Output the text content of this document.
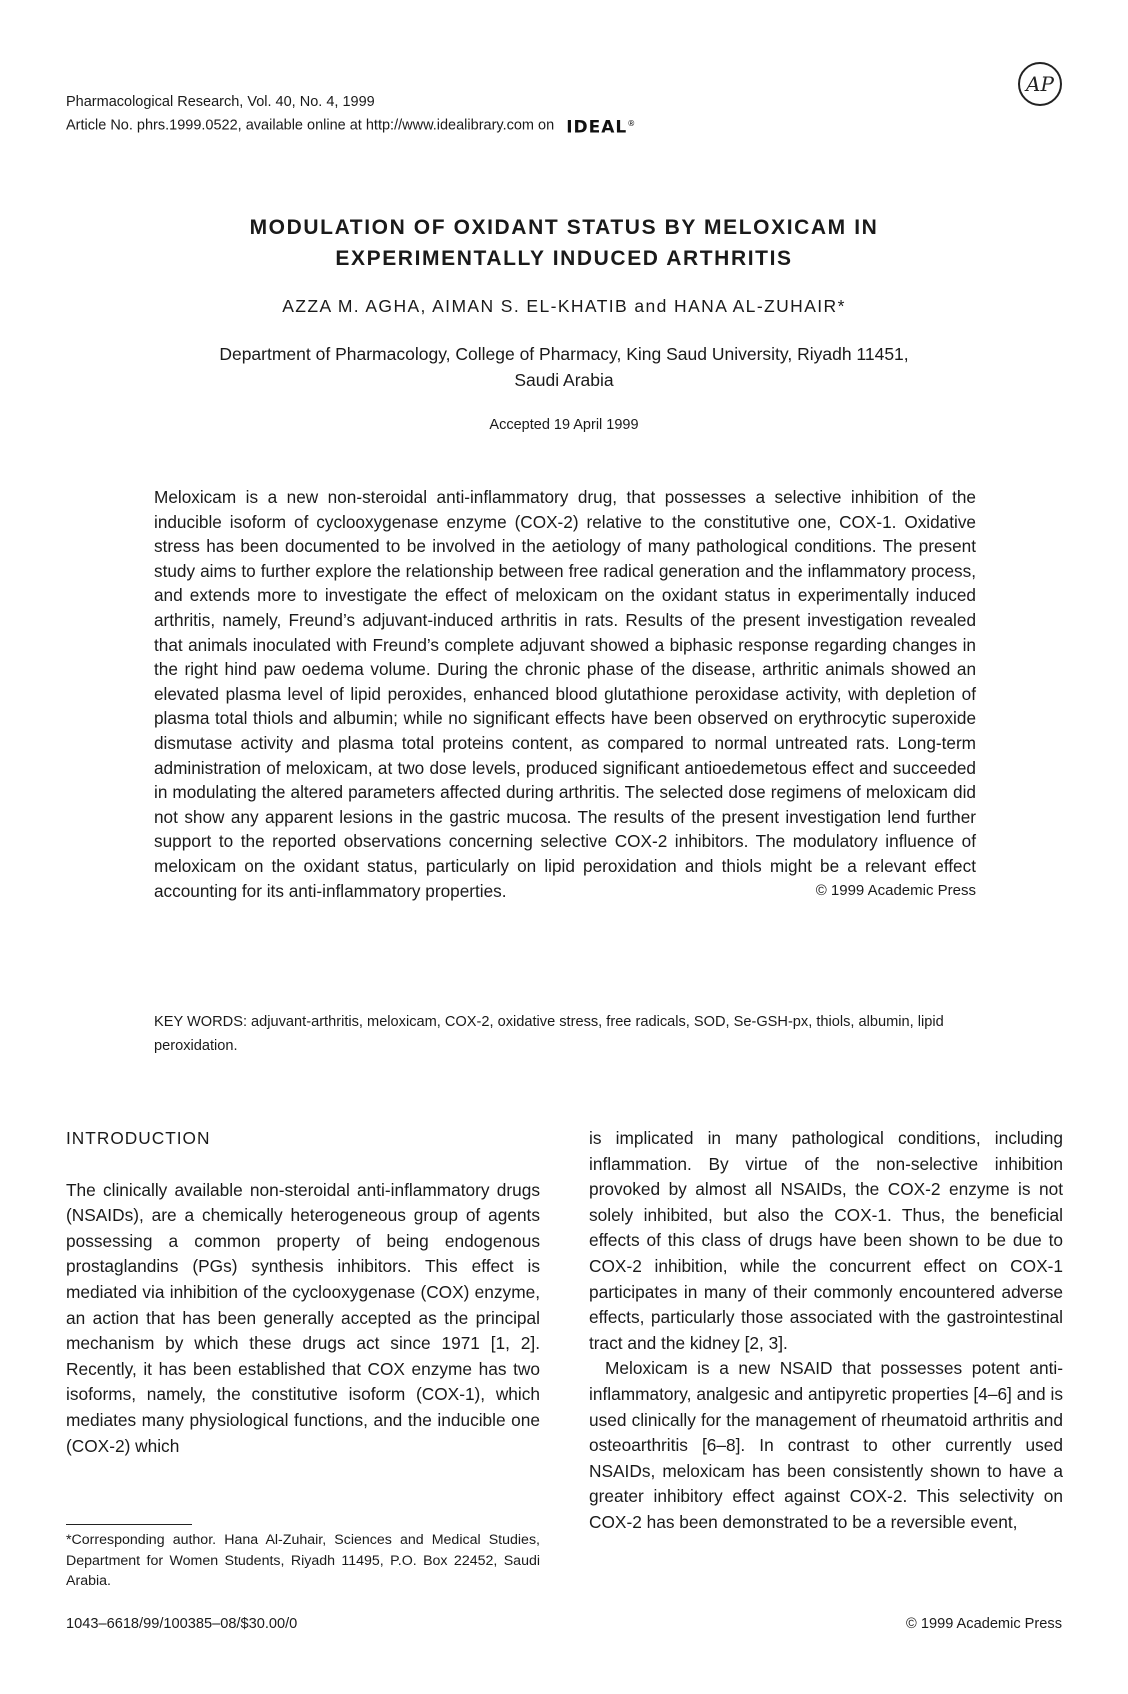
Pharmacological Research, Vol. 40, No. 4, 1999
Article No. phrs.1999.0522, available online at http://www.idealibrary.com on IDEAL®
AP
MODULATION OF OXIDANT STATUS BY MELOXICAM IN
EXPERIMENTALLY INDUCED ARTHRITIS
AZZA M. AGHA, AIMAN S. EL-KHATIB and HANA AL-ZUHAIR*
Department of Pharmacology, College of Pharmacy, King Saud University, Riyadh 11451,
Saudi Arabia
Accepted 19 April 1999
Meloxicam is a new non-steroidal anti-inflammatory drug, that possesses a selective inhibition of the inducible isoform of cyclooxygenase enzyme (COX-2) relative to the constitutive one, COX-1. Oxidative stress has been documented to be involved in the aetiology of many pathological conditions. The present study aims to further explore the relationship between free radical generation and the inflammatory process, and extends more to investigate the effect of meloxicam on the oxidant status in experimentally induced arthritis, namely, Freund’s adjuvant-induced arthritis in rats. Results of the present investigation revealed that animals inoculated with Freund’s complete adjuvant showed a biphasic response regarding changes in the right hind paw oedema volume. During the chronic phase of the disease, arthritic animals showed an elevated plasma level of lipid peroxides, enhanced blood glutathione peroxidase activity, with depletion of plasma total thiols and albumin; while no significant effects have been observed on erythrocytic superoxide dismutase activity and plasma total proteins content, as compared to normal untreated rats. Long-term administration of meloxicam, at two dose levels, produced significant antioedemetous effect and succeeded in modulating the altered parameters affected during arthritis. The selected dose regimens of meloxicam did not show any apparent lesions in the gastric mucosa. The results of the present investigation lend further support to the reported observations concerning selective COX-2 inhibitors. The modulatory influence of meloxicam on the oxidant status, particularly on lipid peroxidation and thiols might be a relevant effect accounting for its anti-inflammatory properties.	© 1999 Academic Press
KEY WORDS: adjuvant-arthritis, meloxicam, COX-2, oxidative stress, free radicals, SOD, Se-GSH-px, thiols, albumin, lipid peroxidation.
INTRODUCTION

The clinically available non-steroidal anti-inflammatory drugs (NSAIDs), are a chemically heterogeneous group of agents possessing a common property of being endogenous prostaglandins (PGs) synthesis inhibitors. This effect is mediated via inhibition of the cyclooxygenase (COX) enzyme, an action that has been generally accepted as the principal mechanism by which these drugs act since 1971 [1, 2]. Recently, it has been established that COX enzyme has two isoforms, namely, the constitutive isoform (COX-1), which mediates many physiological functions, and the inducible one (COX-2) which

is implicated in many pathological conditions, including inflammation. By virtue of the non-selective inhibition provoked by almost all NSAIDs, the COX-2 enzyme is not solely inhibited, but also the COX-1. Thus, the beneficial effects of this class of drugs have been shown to be due to COX-2 inhibition, while the concurrent effect on COX-1 participates in many of their commonly encountered adverse effects, particularly those associated with the gastrointestinal tract and the kidney [2, 3].

Meloxicam is a new NSAID that possesses potent anti-inflammatory, analgesic and antipyretic properties [4–6] and is used clinically for the management of rheumatoid arthritis and osteoarthritis [6–8]. In contrast to other currently used NSAIDs, meloxicam has been consistently shown to have a greater inhibitory effect against COX-2. This selectivity on COX-2 has been demonstrated to be a reversible event,

*Corresponding author. Hana Al-Zuhair, Sciences and Medical Studies, Department for Women Students, Riyadh 11495, P.O. Box 22452, Saudi Arabia.
1043–6618/99/100385–08/$30.00/0	© 1999 Academic Press
